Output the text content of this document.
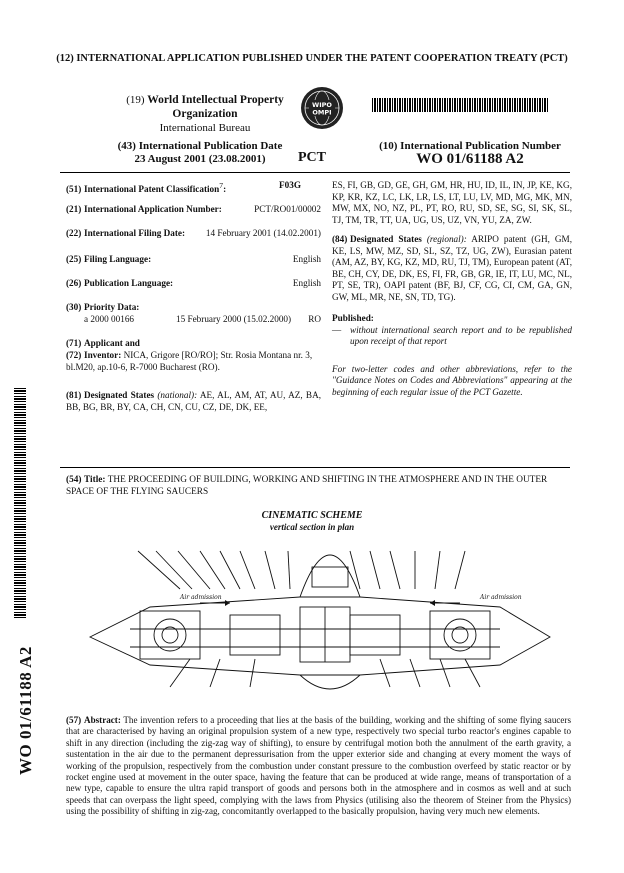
(12) INTERNATIONAL APPLICATION PUBLISHED UNDER THE PATENT COOPERATION TREATY (PCT)
(19) World Intellectual Property Organization
International Bureau
WIPO
OMPI
(43) International Publication Date
23 August 2001 (23.08.2001)	PCT
(10) International Publication Number
WO 01/61188 A2
(51) International Patent Classification$^7$:	F03G
(21) International Application Number:	PCT/RO01/00002
(22) International Filing Date: 14 February 2001 (14.02.2001)
(25) Filing Language:	English
(26) Publication Language:	English
(30) Priority Data:
a 2000 00166	15 February 2000 (15.02.2000) RO
(71) Applicant and
(72) Inventor: NICA, Grigore [RO/RO]; Str. Rosia Montana nr. 3, bl.M20, ap.10-6, R-7000 Bucharest (RO).
(81) Designated States (national): AE, AL, AM, AT, AU, AZ, BA, BB, BG, BR, BY, CA, CH, CN, CU, CZ, DE, DK, EE,
ES, FI, GB, GD, GE, GH, GM, HR, HU, ID, IL, IN, JP, KE, KG, KP, KR, KZ, LC, LK, LR, LS, LT, LU, LV, MD, MG, MK, MN, MW, MX, NO, NZ, PL, PT, RO, RU, SD, SE, SG, SI, SK, SL, TJ, TM, TR, TT, UA, UG, US, UZ, VN, YU, ZA, ZW.
(84) Designated States (regional): ARIPO patent (GH, GM, KE, LS, MW, MZ, SD, SL, SZ, TZ, UG, ZW), Eurasian patent (AM, AZ, BY, KG, KZ, MD, RU, TJ, TM), European patent (AT, BE, CH, CY, DE, DK, ES, FI, FR, GB, GR, IE, IT, LU, MC, NL, PT, SE, TR), OAPI patent (BF, BJ, CF, CG, CI, CM, GA, GN, GW, ML, MR, NE, SN, TD, TG).
Published:
— without international search report and to be republished upon receipt of that report
For two-letter codes and other abbreviations, refer to the "Guidance Notes on Codes and Abbreviations" appearing at the beginning of each regular issue of the PCT Gazette.
WO 01/61188 A2
(54) Title: THE PROCEEDING OF BUILDING, WORKING AND SHIFTING IN THE ATMOSPHERE AND IN THE OUTER SPACE OF THE FLYING SAUCERS
CINEMATIC SCHEME
vertical section in plan
Air admission	Air admission
(57) Abstract: The invention refers to a proceeding that lies at the basis of the building, working and the shifting of some flying saucers that are characterised by having an original propulsion system of a new type, respectively two special turbo reactor's engines capable to shift in any direction (including the zig-zag way of shifting), to ensure by centrifugal motion both the annulment of the earth gravity, a sustentation in the air due to the permanent depressurisation from the upper exterior side and changing at every moment the ways of working of the propulsion, respectively from the combustion under constant pressure to the combustion overfeed by static reactor or by rocket engine used at movement in the outer space, having the feature that can be produced at wide range, means of transportation of a new type, capable to ensure the ultra rapid transport of goods and persons both in the atmosphere and in cosmos as well and at such speeds that can overpass the light speed, complying with the laws from Physics (utilising also the theorem of Steiner from the Physics) using the possibility of shifting in zig-zag, concomitantly overlapped to the basically propulsion, having very much new elements.
